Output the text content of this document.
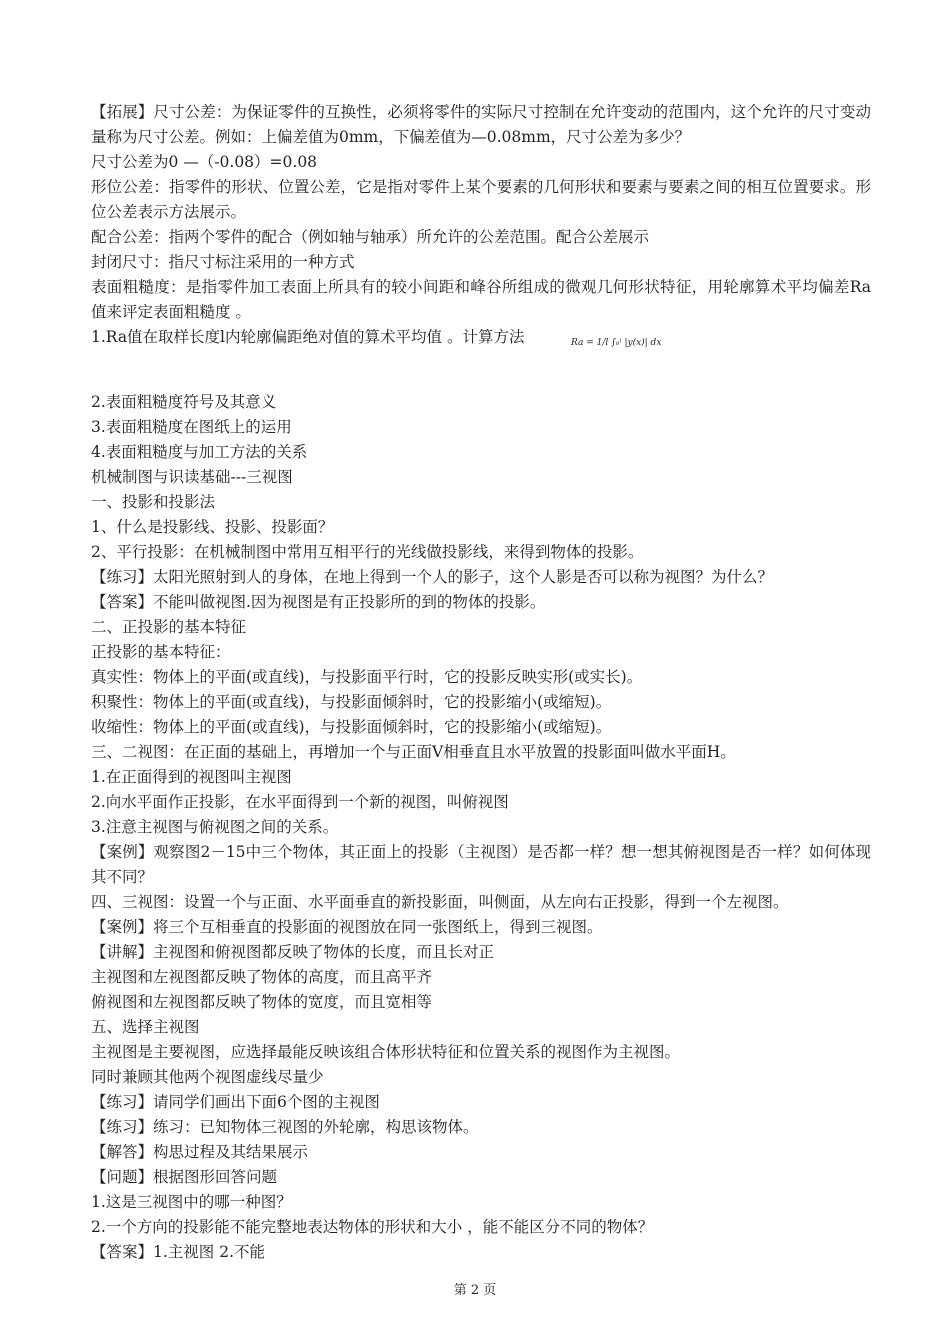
【拓展】尺寸公差：为保证零件的互换性，必须将零件的实际尺寸控制在允许变动的范围内，这个允许的尺寸变动量称为尺寸公差。例如：上偏差值为0mm，下偏差值为—0.08mm，尺寸公差为多少？
尺寸公差为0 —（-0.08）=0.08
形位公差：指零件的形状、位置公差，它是指对零件上某个要素的几何形状和要素与要素之间的相互位置要求。形位公差表示方法展示。
配合公差：指两个零件的配合（例如轴与轴承）所允许的公差范围。配合公差展示
封闭尺寸：指尺寸标注采用的一种方式
表面粗糙度：是指零件加工表面上所具有的较小间距和峰谷所组成的微观几何形状特征，用轮廓算术平均偏差Ra值来评定表面粗糙度 。
1.Ra值在取样长度l内轮廓偏距绝对值的算术平均值 。计算方法	Ra = 1/l ∫₀ˡ |y(x)| dx
2.表面粗糙度符号及其意义
3.表面粗糙度在图纸上的运用
4.表面粗糙度与加工方法的关系
机械制图与识读基础---三视图
一、投影和投影法
1、什么是投影线、投影、投影面？
2、平行投影：在机械制图中常用互相平行的光线做投影线，来得到物体的投影。
【练习】太阳光照射到人的身体，在地上得到一个人的影子，这个人影是否可以称为视图？为什么？
【答案】不能叫做视图.因为视图是有正投影所的到的物体的投影。
二、正投影的基本特征
正投影的基本特征：
真实性：物体上的平面(或直线)，与投影面平行时，它的投影反映实形(或实长)。
积聚性：物体上的平面(或直线)，与投影面倾斜时，它的投影缩小(或缩短)。
收缩性：物体上的平面(或直线)，与投影面倾斜时，它的投影缩小(或缩短)。
三、二视图：在正面的基础上，再增加一个与正面V相垂直且水平放置的投影面叫做水平面H。
1.在正面得到的视图叫主视图
2.向水平面作正投影，在水平面得到一个新的视图，叫俯视图
3.注意主视图与俯视图之间的关系。
【案例】观察图2－15中三个物体，其正面上的投影（主视图）是否都一样？想一想其俯视图是否一样？如何体现其不同？
四、三视图：设置一个与正面、水平面垂直的新投影面，叫侧面，从左向右正投影，得到一个左视图。
【案例】将三个互相垂直的投影面的视图放在同一张图纸上，得到三视图。
【讲解】主视图和俯视图都反映了物体的长度，而且长对正
主视图和左视图都反映了物体的高度，而且高平齐
俯视图和左视图都反映了物体的宽度，而且宽相等
五、选择主视图
主视图是主要视图，应选择最能反映该组合体形状特征和位置关系的视图作为主视图。
同时兼顾其他两个视图虚线尽量少
【练习】请同学们画出下面6个图的主视图
【练习】练习：已知物体三视图的外轮廓，构思该物体。
【解答】构思过程及其结果展示
【问题】根据图形回答问题
1.这是三视图中的哪一种图？
2.一个方向的投影能不能完整地表达物体的形状和大小 ，能不能区分不同的物体？
【答案】1.主视图 2.不能
第 2 页
